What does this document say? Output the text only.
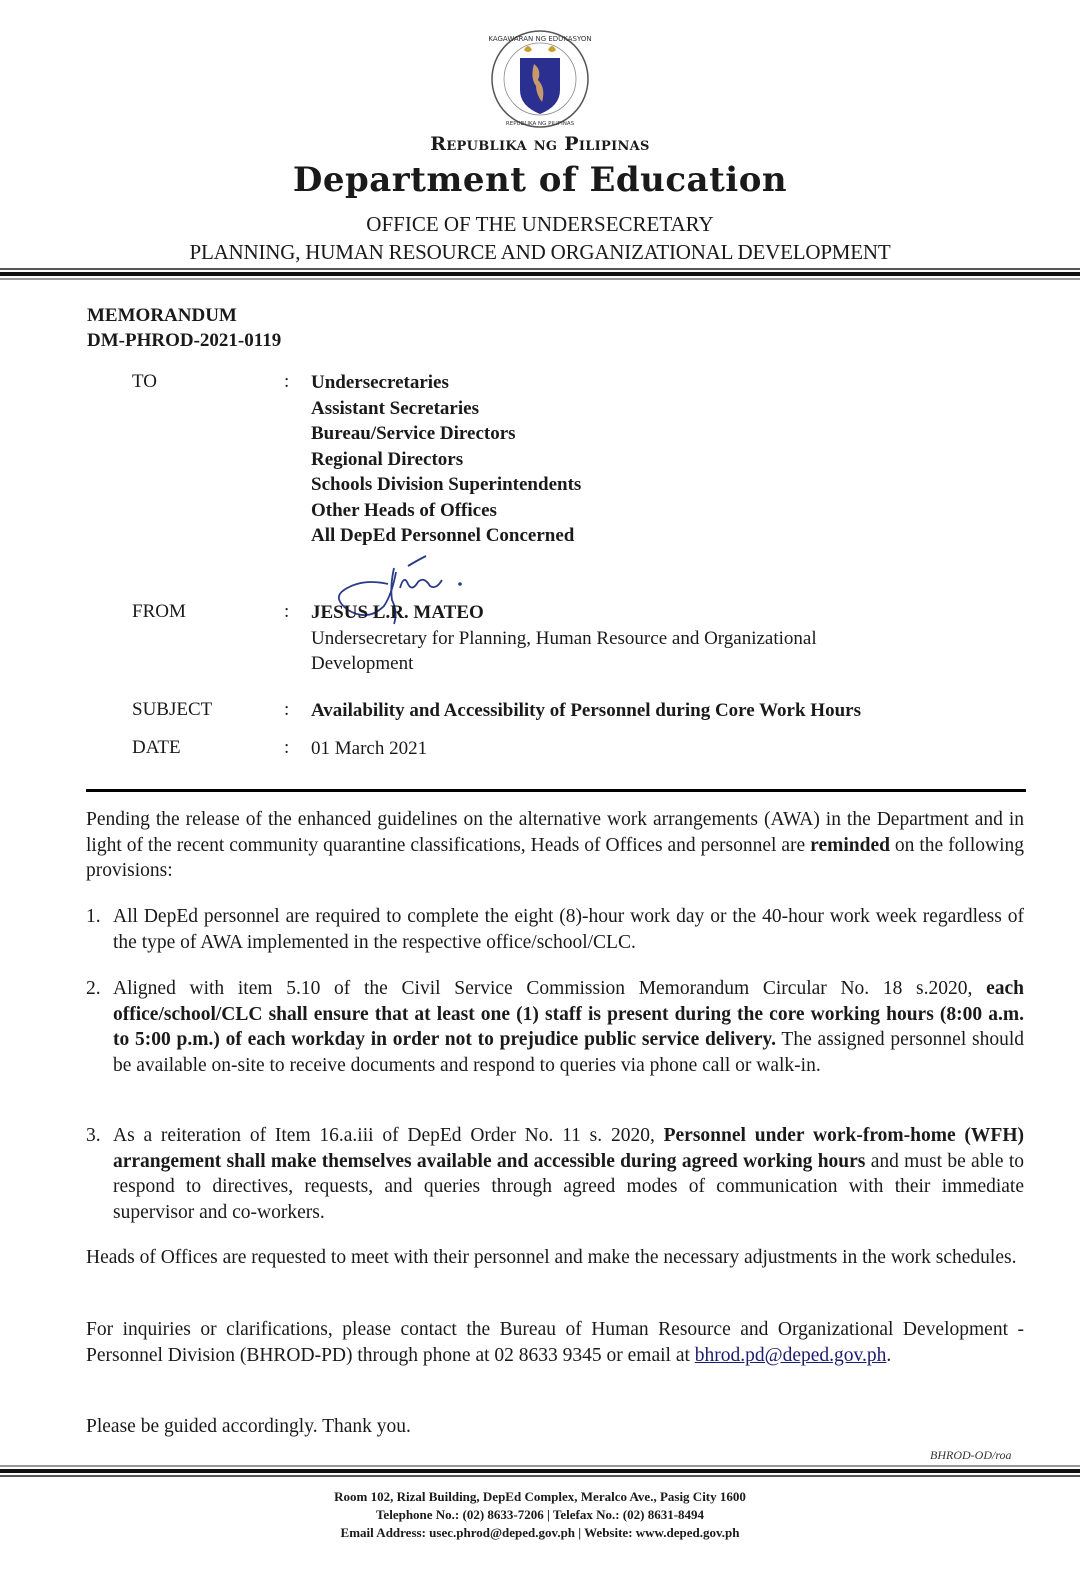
KAGAWARAN NG EDUKASYON
REPUBLIKA NG PILIPINAS
Republika ng Pilipinas
Department of Education
OFFICE OF THE UNDERSECRETARY
PLANNING, HUMAN RESOURCE AND ORGANIZATIONAL DEVELOPMENT
MEMORANDUM
DM-PHROD-2021-0119
TO	: Undersecretaries
Assistant Secretaries
Bureau/Service Directors
Regional Directors
Schools Division Superintendents
Other Heads of Offices
All DepEd Personnel Concerned
FROM	: JESUS L.R. MATEO
Undersecretary for Planning, Human Resource and Organizational
Development
SUBJECT	: Availability and Accessibility of Personnel during Core Work Hours
DATE	: 01 March 2021
Pending the release of the enhanced guidelines on the alternative work arrangements (AWA) in the Department and in light of the recent community quarantine classifications, Heads of Offices and personnel are reminded on the following provisions:
1. All DepEd personnel are required to complete the eight (8)-hour work day or the 40-hour work week regardless of the type of AWA implemented in the respective office/school/CLC.
2. Aligned with item 5.10 of the Civil Service Commission Memorandum Circular No. 18 s.2020, each office/school/CLC shall ensure that at least one (1) staff is present during the core working hours (8:00 a.m. to 5:00 p.m.) of each workday in order not to prejudice public service delivery. The assigned personnel should be available on-site to receive documents and respond to queries via phone call or walk-in.
3. As a reiteration of Item 16.a.iii of DepEd Order No. 11 s. 2020, Personnel under work-from-home (WFH) arrangement shall make themselves available and accessible during agreed working hours and must be able to respond to directives, requests, and queries through agreed modes of communication with their immediate supervisor and co-workers.
Heads of Offices are requested to meet with their personnel and make the necessary adjustments in the work schedules.
For inquiries or clarifications, please contact the Bureau of Human Resource and Organizational Development - Personnel Division (BHROD-PD) through phone at 02 8633 9345 or email at bhrod.pd@deped.gov.ph.
Please be guided accordingly. Thank you.
BHROD-OD/roa
Room 102, Rizal Building, DepEd Complex, Meralco Ave., Pasig City 1600
Telephone No.: (02) 8633-7206 | Telefax No.: (02) 8631-8494
Email Address: usec.phrod@deped.gov.ph | Website: www.deped.gov.ph
